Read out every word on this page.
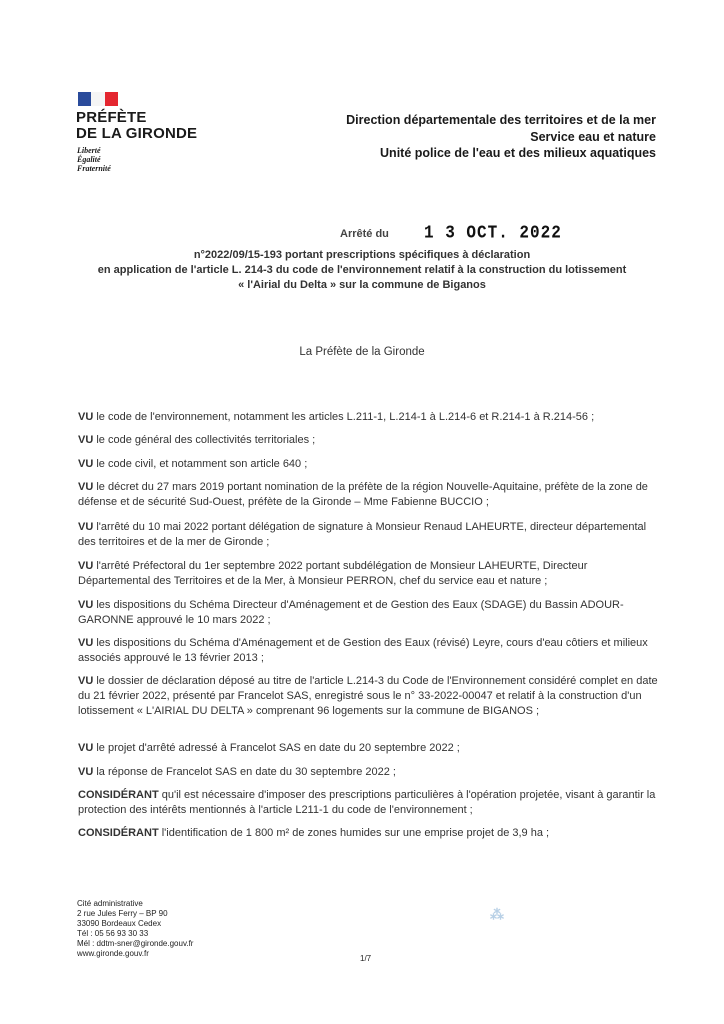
PRÉFÈTE
DE LA GIRONDE
Liberté
Égalité
Fraternité
Direction départementale des territoires et de la mer
Service eau et nature
Unité police de l'eau et des milieux aquatiques
Arrêté du 1 3 OCT. 2022
n°2022/09/15-193 portant prescriptions spécifiques à déclaration
en application de l'article L. 214-3 du code de l'environnement relatif à la construction du lotissement
« l'Airial du Delta » sur la commune de Biganos
La Préfète de la Gironde
VU le code de l'environnement, notamment les articles L.211-1, L.214-1 à L.214-6 et R.214-1 à R.214-56 ;
VU le code général des collectivités territoriales ;
VU le code civil, et notamment son article 640 ;
VU le décret du 27 mars 2019 portant nomination de la préfète de la région Nouvelle-Aquitaine, préfète de la zone de défense et de sécurité Sud-Ouest, préfète de la Gironde – Mme Fabienne BUCCIO ;
VU l'arrêté du 10 mai 2022 portant délégation de signature à Monsieur Renaud LAHEURTE, directeur départemental des territoires et de la mer de Gironde ;
VU l'arrêté Préfectoral du 1er septembre 2022 portant subdélégation de Monsieur LAHEURTE, Directeur Départemental des Territoires et de la Mer, à Monsieur PERRON, chef du service eau et nature ;
VU les dispositions du Schéma Directeur d'Aménagement et de Gestion des Eaux (SDAGE) du Bassin ADOUR-GARONNE approuvé le 10 mars 2022 ;
VU les dispositions du Schéma d'Aménagement et de Gestion des Eaux (révisé) Leyre, cours d'eau côtiers et milieux associés approuvé le 13 février 2013 ;
VU le dossier de déclaration déposé au titre de l'article L.214-3 du Code de l'Environnement considéré complet en date du 21 février 2022, présenté par Francelot SAS, enregistré sous le n° 33-2022-00047 et relatif à la construction d'un lotissement « L'AIRIAL DU DELTA » comprenant 96 logements sur la commune de BIGANOS ;
VU le projet d'arrêté adressé à Francelot SAS en date du 20 septembre 2022 ;
VU la réponse de Francelot SAS en date du 30 septembre 2022 ;
CONSIDÉRANT qu'il est nécessaire d'imposer des prescriptions particulières à l'opération projetée, visant à garantir la protection des intérêts mentionnés à l'article L211-1 du code de l'environnement ;
CONSIDÉRANT l'identification de 1 800 m² de zones humides sur une emprise projet de 3,9 ha ;
⁂
Cité administrative
2 rue Jules Ferry – BP 90
33090 Bordeaux Cedex
Tél : 05 56 93 30 33
Mél : ddtm-sner@gironde.gouv.fr
www.gironde.gouv.fr
1/7
